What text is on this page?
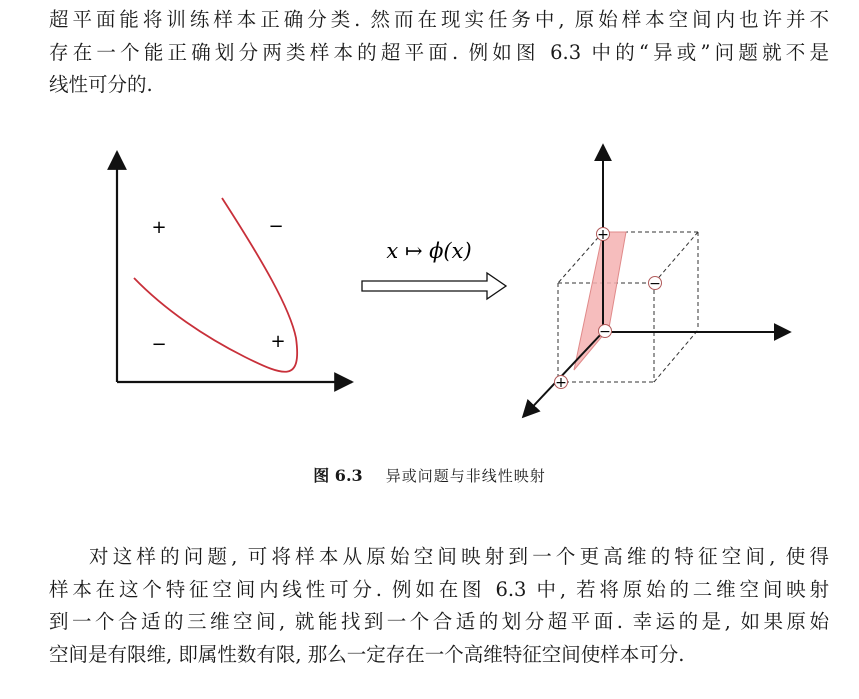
超平面能将训练样本正确分类. 然而在现实任务中, 原始样本空间内也许并不
存在一个能正确划分两类样本的超平面. 例如图 6.3 中的“异或”问题就不是
线性可分的.

+	−
−	+
x ↦ ϕ(x)
+
−
−
+
图 6.3 异或问题与非线性映射

对这样的问题, 可将样本从原始空间映射到一个更高维的特征空间, 使得
样本在这个特征空间内线性可分. 例如在图 6.3 中, 若将原始的二维空间映射
到一个合适的三维空间, 就能找到一个合适的划分超平面. 幸运的是, 如果原始
空间是有限维, 即属性数有限, 那么一定存在一个高维特征空间使样本可分.
